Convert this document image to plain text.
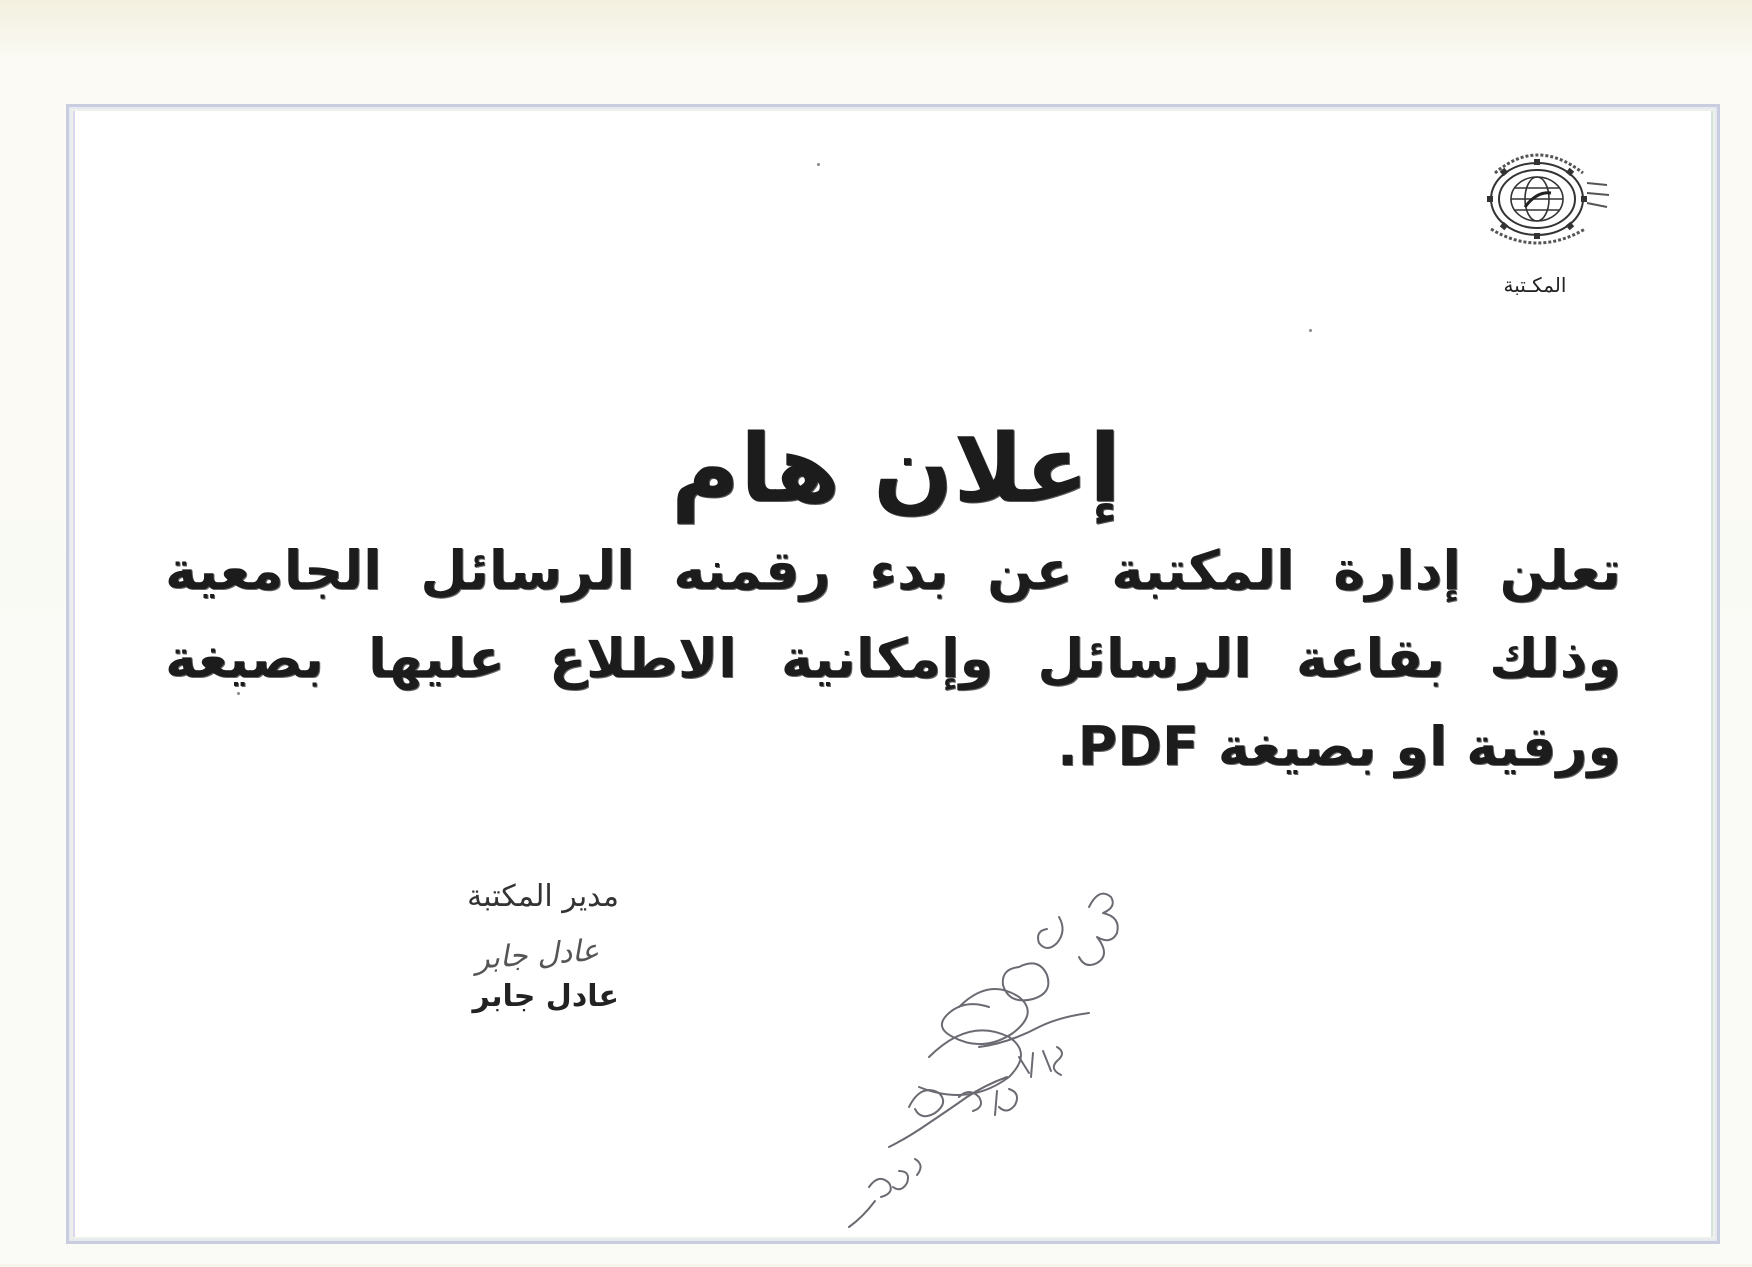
المكـتبة
إعلان هام

تعلن إدارة المكتبة عن بدء رقمنه الرسائل الجامعية وذلك بقاعة الرسائل وإمكانية الاطلاع عليها بصيغة ورقية او بصيغة PDF.

مدير المكتبة

عادل جابر

عادل جابر
